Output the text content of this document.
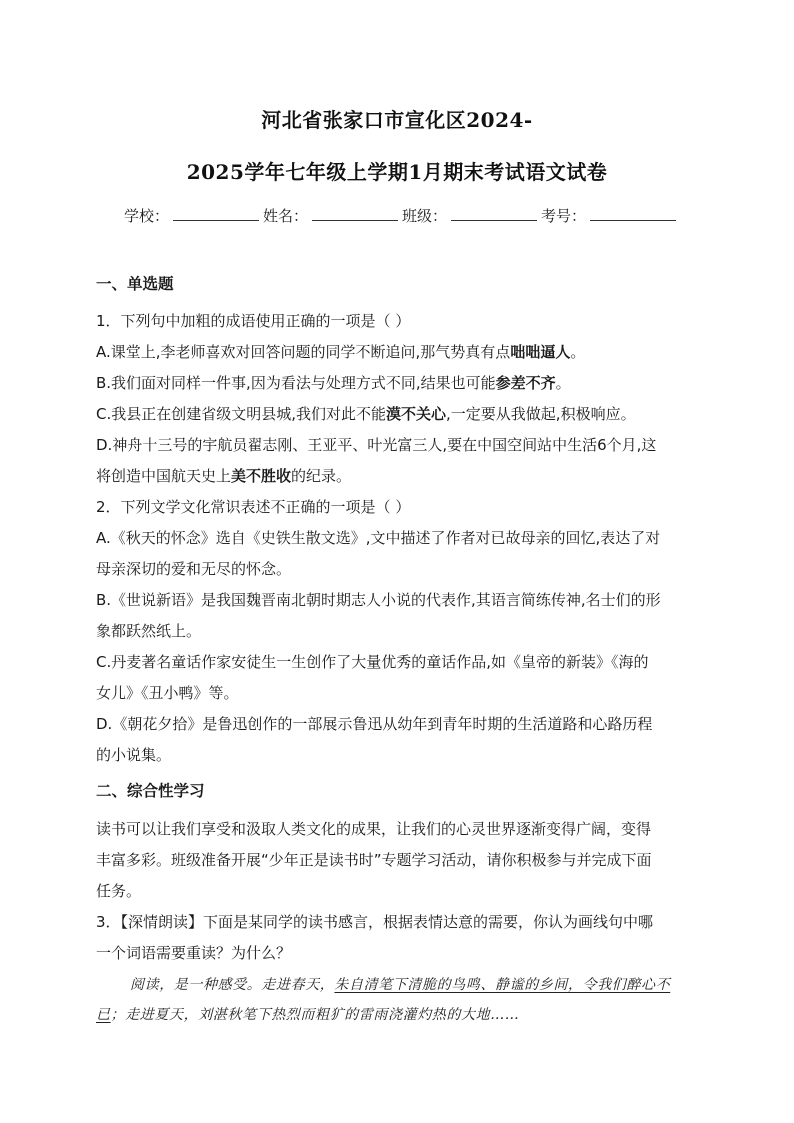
河北省张家口市宣化区2024-
2025学年七年级上学期1月期末考试语文试卷
学校：	姓名：	班级：	考号：
一、单选题
1．下列句中加粗的成语使用正确的一项是（ ）
A.课堂上,李老师喜欢对回答问题的同学不断追问,那气势真有点咄咄逼人。
B.我们面对同样一件事,因为看法与处理方式不同,结果也可能参差不齐。
C.我县正在创建省级文明县城,我们对此不能漠不关心,一定要从我做起,积极响应。
D.神舟十三号的宇航员翟志刚、王亚平、叶光富三人,要在中国空间站中生活6个月,这
将创造中国航天史上美不胜收的纪录。
2．下列文学文化常识表述不正确的一项是（ ）
A.《秋天的怀念》选自《史铁生散文选》,文中描述了作者对已故母亲的回忆,表达了对
母亲深切的爱和无尽的怀念。
B.《世说新语》是我国魏晋南北朝时期志人小说的代表作,其语言简练传神,名士们的形
象都跃然纸上。
C.丹麦著名童话作家安徒生一生创作了大量优秀的童话作品,如《皇帝的新装》《海的
女儿》《丑小鸭》等。
D.《朝花夕拾》是鲁迅创作的一部展示鲁迅从幼年到青年时期的生活道路和心路历程
的小说集。
二、综合性学习
读书可以让我们享受和汲取人类文化的成果，让我们的心灵世界逐渐变得广阔，变得
丰富多彩。班级准备开展“少年正是读书时”专题学习活动，请你积极参与并完成下面
任务。
3．【深情朗读】下面是某同学的读书感言，根据表情达意的需要，你认为画线句中哪
一个词语需要重读？为什么？
阅读，是一种感受。走进春天，朱自清笔下清脆的鸟鸣、静谧的乡间，令我们醉心不
已；走进夏天，刘湛秋笔下热烈而粗犷的雷雨浇灌灼热的大地……
